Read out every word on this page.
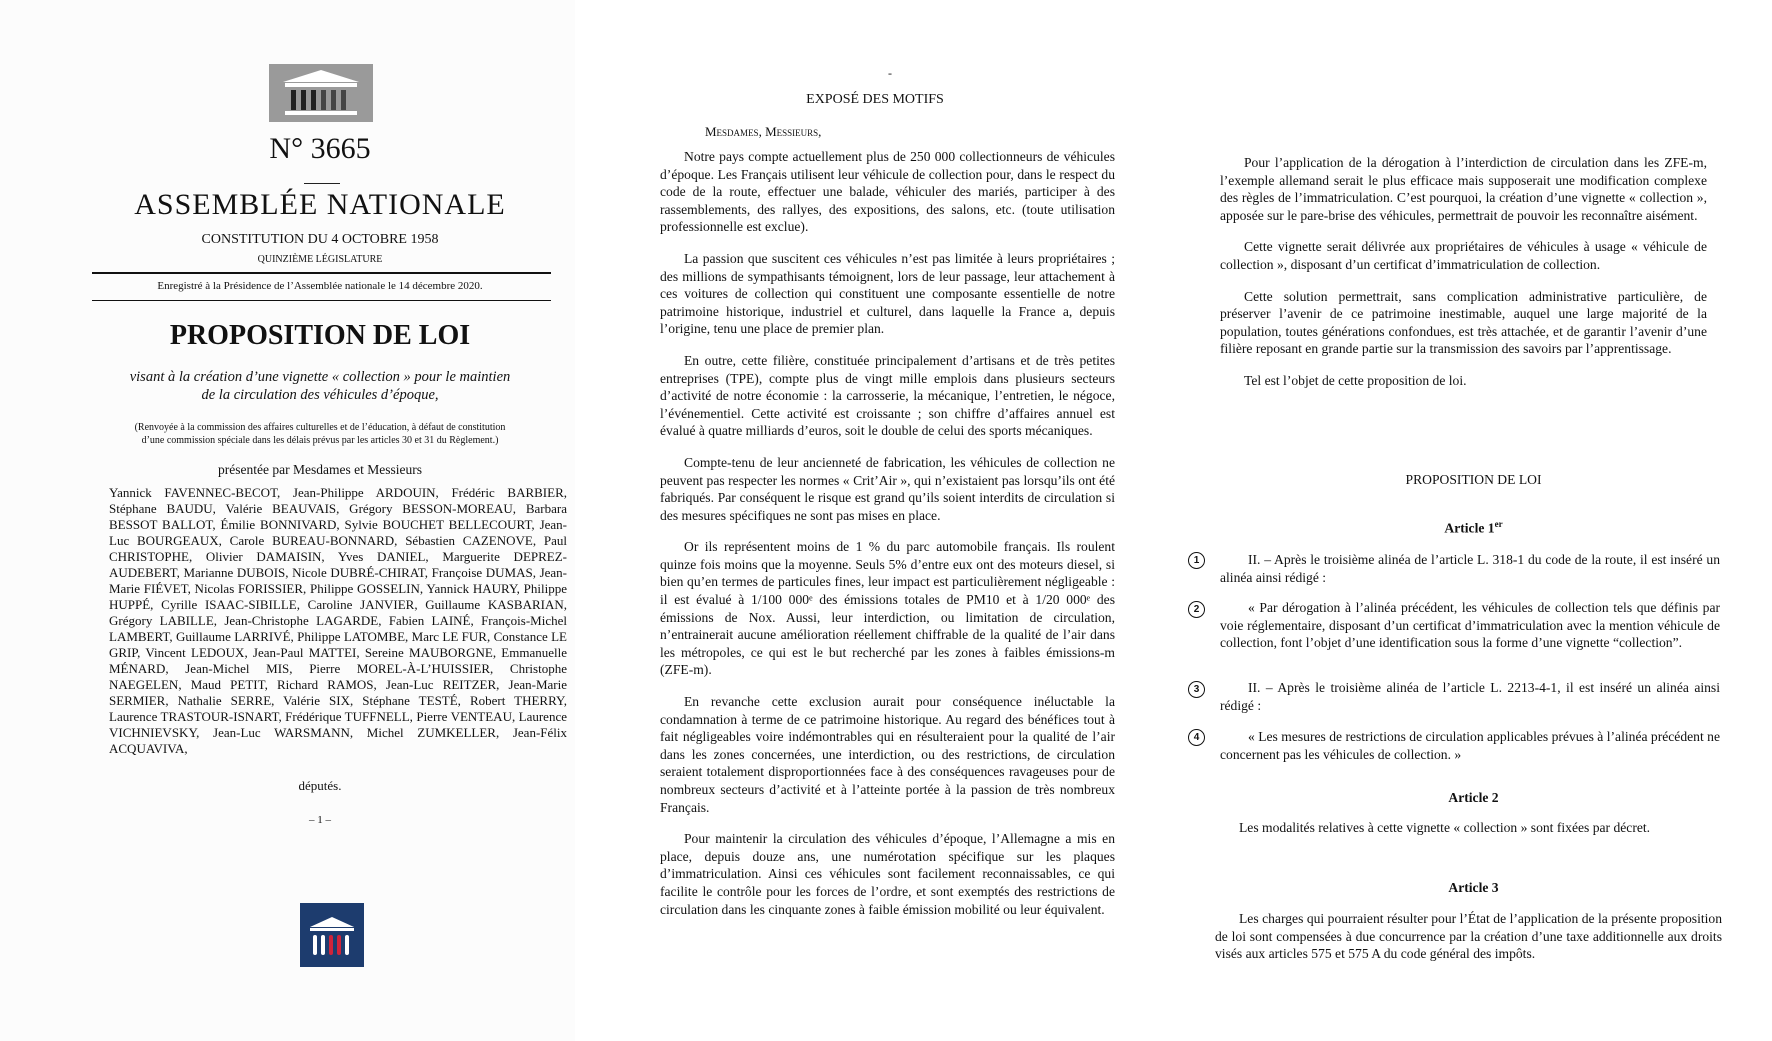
N° 3665
ASSEMBLÉE NATIONALE
CONSTITUTION DU 4 OCTOBRE 1958
QUINZIÈME LÉGISLATURE
Enregistré à la Présidence de l’Assemblée nationale le 14 décembre 2020.
PROPOSITION DE LOI
visant à la création d’une vignette « collection » pour le maintien
de la circulation des véhicules d’époque,
(Renvoyée à la commission des affaires culturelles et de l’éducation, à défaut de constitution
d’une commission spéciale dans les délais prévus par les articles 30 et 31 du Règlement.)
présentée par Mesdames et Messieurs
Yannick FAVENNEC-BECOT, Jean-Philippe ARDOUIN, Frédéric BARBIER, Stéphane BAUDU, Valérie BEAUVAIS, Grégory BESSON-MOREAU, Barbara BESSOT BALLOT, Émilie BONNIVARD, Sylvie BOUCHET BELLECOURT, Jean-Luc BOURGEAUX, Carole BUREAU-BONNARD, Sébastien CAZENOVE, Paul CHRISTOPHE, Olivier DAMAISIN, Yves DANIEL, Marguerite DEPREZ-AUDEBERT, Marianne DUBOIS, Nicole DUBRÉ-CHIRAT, Françoise DUMAS, Jean-Marie FIÉVET, Nicolas FORISSIER, Philippe GOSSELIN, Yannick HAURY, Philippe HUPPÉ, Cyrille ISAAC-SIBILLE, Caroline JANVIER, Guillaume KASBARIAN, Grégory LABILLE, Jean-Christophe LAGARDE, Fabien LAINÉ, François-Michel LAMBERT, Guillaume LARRIVÉ, Philippe LATOMBE, Marc LE FUR, Constance LE GRIP, Vincent LEDOUX, Jean-Paul MATTEI, Sereine MAUBORGNE, Emmanuelle MÉNARD, Jean-Michel MIS, Pierre MOREL-À-L’HUISSIER, Christophe NAEGELEN, Maud PETIT, Richard RAMOS, Jean-Luc REITZER, Jean-Marie SERMIER, Nathalie SERRE, Valérie SIX, Stéphane TESTÉ, Robert THERRY, Laurence TRASTOUR-ISNART, Frédérique TUFFNELL, Pierre VENTEAU, Laurence VICHNIEVSKY, Jean-Luc WARSMANN, Michel ZUMKELLER, Jean-Félix ACQUAVIVA,
députés.
– 1 –
-
EXPOSÉ DES MOTIFS
Mesdames, Messieurs,

Notre pays compte actuellement plus de 250 000 collectionneurs de véhicules d’époque. Les Français utilisent leur véhicule de collection pour, dans le respect du code de la route, effectuer une balade, véhiculer des mariés, participer à des rassemblements, des rallyes, des expositions, des salons, etc. (toute utilisation professionnelle est exclue).

La passion que suscitent ces véhicules n’est pas limitée à leurs propriétaires ; des millions de sympathisants témoignent, lors de leur passage, leur attachement à ces voitures de collection qui constituent une composante essentielle de notre patrimoine historique, industriel et culturel, dans laquelle la France a, depuis l’origine, tenu une place de premier plan.

En outre, cette filière, constituée principalement d’artisans et de très petites entreprises (TPE), compte plus de vingt mille emplois dans plusieurs secteurs d’activité de notre économie : la carrosserie, la mécanique, l’entretien, le négoce, l’événementiel. Cette activité est croissante ; son chiffre d’affaires annuel est évalué à quatre milliards d’euros, soit le double de celui des sports mécaniques.

Compte-tenu de leur ancienneté de fabrication, les véhicules de collection ne peuvent pas respecter les normes « Crit’Air », qui n’existaient pas lorsqu’ils ont été fabriqués. Par conséquent le risque est grand qu’ils soient interdits de circulation si des mesures spécifiques ne sont pas mises en place.

Or ils représentent moins de 1 % du parc automobile français. Ils roulent quinze fois moins que la moyenne. Seuls 5% d’entre eux ont des moteurs diesel, si bien qu’en termes de particules fines, leur impact est particulièrement négligeable : il est évalué à 1/100 000ᵉ des émissions totales de PM10 et à 1/20 000ᵉ des émissions de Nox. Aussi, leur interdiction, ou limitation de circulation, n’entrainerait aucune amélioration réellement chiffrable de la qualité de l’air dans les métropoles, ce qui est le but recherché par les zones à faibles émissions-m (ZFE-m).

En revanche cette exclusion aurait pour conséquence inéluctable la condamnation à terme de ce patrimoine historique. Au regard des bénéfices tout à fait négligeables voire indémontrables qui en résulteraient pour la qualité de l’air dans les zones concernées, une interdiction, ou des restrictions, de circulation seraient totalement disproportionnées face à des conséquences ravageuses pour de nombreux secteurs d’activité et à l’atteinte portée à la passion de très nombreux Français.

Pour maintenir la circulation des véhicules d’époque, l’Allemagne a mis en place, depuis douze ans, une numérotation spécifique sur les plaques d’immatriculation. Ainsi ces véhicules sont facilement reconnaissables, ce qui facilite le contrôle pour les forces de l’ordre, et sont exemptés des restrictions de circulation dans les cinquante zones à faible émission mobilité ou leur équivalent.

Pour l’application de la dérogation à l’interdiction de circulation dans les ZFE-m, l’exemple allemand serait le plus efficace mais supposerait une modification complexe des règles de l’immatriculation. C’est pourquoi, la création d’une vignette « collection », apposée sur le pare-brise des véhicules, permettrait de pouvoir les reconnaître aisément.

Cette vignette serait délivrée aux propriétaires de véhicules à usage « véhicule de collection », disposant d’un certificat d’immatriculation de collection.

Cette solution permettrait, sans complication administrative particulière, de préserver l’avenir de ce patrimoine inestimable, auquel une large majorité de la population, toutes générations confondues, est très attachée, et de garantir l’avenir d’une filière reposant en grande partie sur la transmission des savoirs par l’apprentissage.

Tel est l’objet de cette proposition de loi.

PROPOSITION DE LOI
Article 1er
1	II. – Après le troisième alinéa de l’article L. 318-1 du code de la route, il est inséré un alinéa ainsi rédigé :
2	« Par dérogation à l’alinéa précédent, les véhicules de collection tels que définis par voie réglementaire, disposant d’un certificat d’immatriculation avec la mention véhicule de collection, font l’objet d’une identification sous la forme d’une vignette “collection”.
3	II. – Après le troisième alinéa de l’article L. 2213-4-1, il est inséré un alinéa ainsi rédigé :
4	« Les mesures de restrictions de circulation applicables prévues à l’alinéa précédent ne concernent pas les véhicules de collection. »
Article 2
Les modalités relatives à cette vignette « collection » sont fixées par décret.
Article 3
Les charges qui pourraient résulter pour l’État de l’application de la présente proposition de loi sont compensées à due concurrence par la création d’une taxe additionnelle aux droits visés aux articles 575 et 575 A du code général des impôts.
